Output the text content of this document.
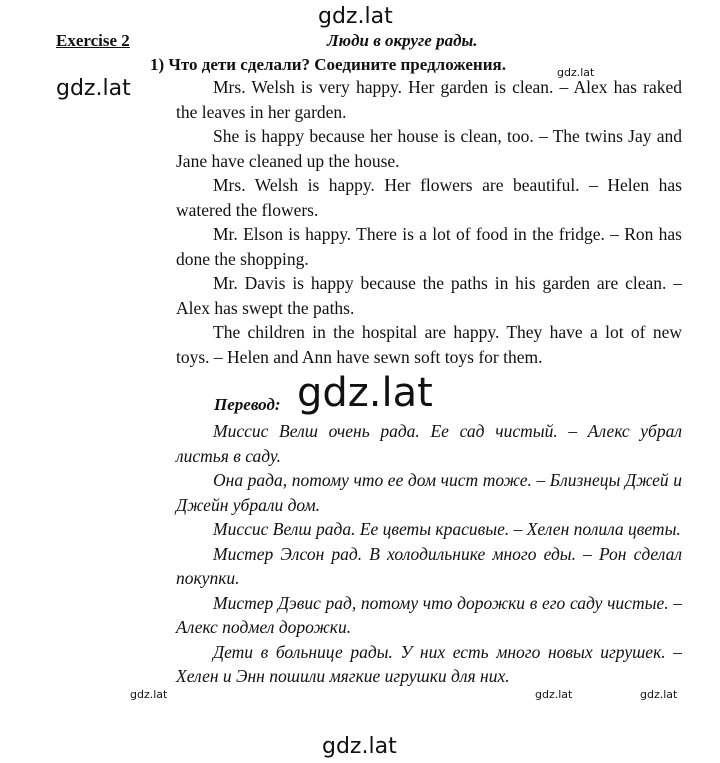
gdz.lat
gdz.lat
gdz.lat
Exercise 2	Люди в округе рады.
1) Что дети сделали? Соедините предложения.

Mrs. Welsh is very happy. Her garden is clean. – Alex has raked the leaves in her garden.

She is happy because her house is clean, too. – The twins Jay and Jane have cleaned up the house.

Mrs. Welsh is happy. Her flowers are beautiful. – Helen has watered the flowers.

Mr. Elson is happy. There is a lot of food in the fridge. – Ron has done the shopping.

Mr. Davis is happy because the paths in his garden are clean. – Alex has swept the paths.

The children in the hospital are happy. They have a lot of new toys. – Helen and Ann have sewn soft toys for them.

Перевод: gdz.lat

Миссис Велш очень рада. Ее сад чистый. – Алекс убрал листья в саду.

Она рада, потому что ее дом чист тоже. – Близнецы Джей и Джейн убрали дом.

Миссис Велш рада. Ее цветы красивые. – Хелен полила цветы.

Мистер Элсон рад. В холодильнике много еды. – Рон сделал покупки.

Мистер Дэвис рад, потому что дорожки в его саду чистые. – Алекс подмел дорожки.

Дети в больнице рады. У них есть много новых игрушек. – Хелен и Энн пошили мягкие игрушки для них.

gdz.lat	gdz.lat	gdz.lat
gdz.lat
